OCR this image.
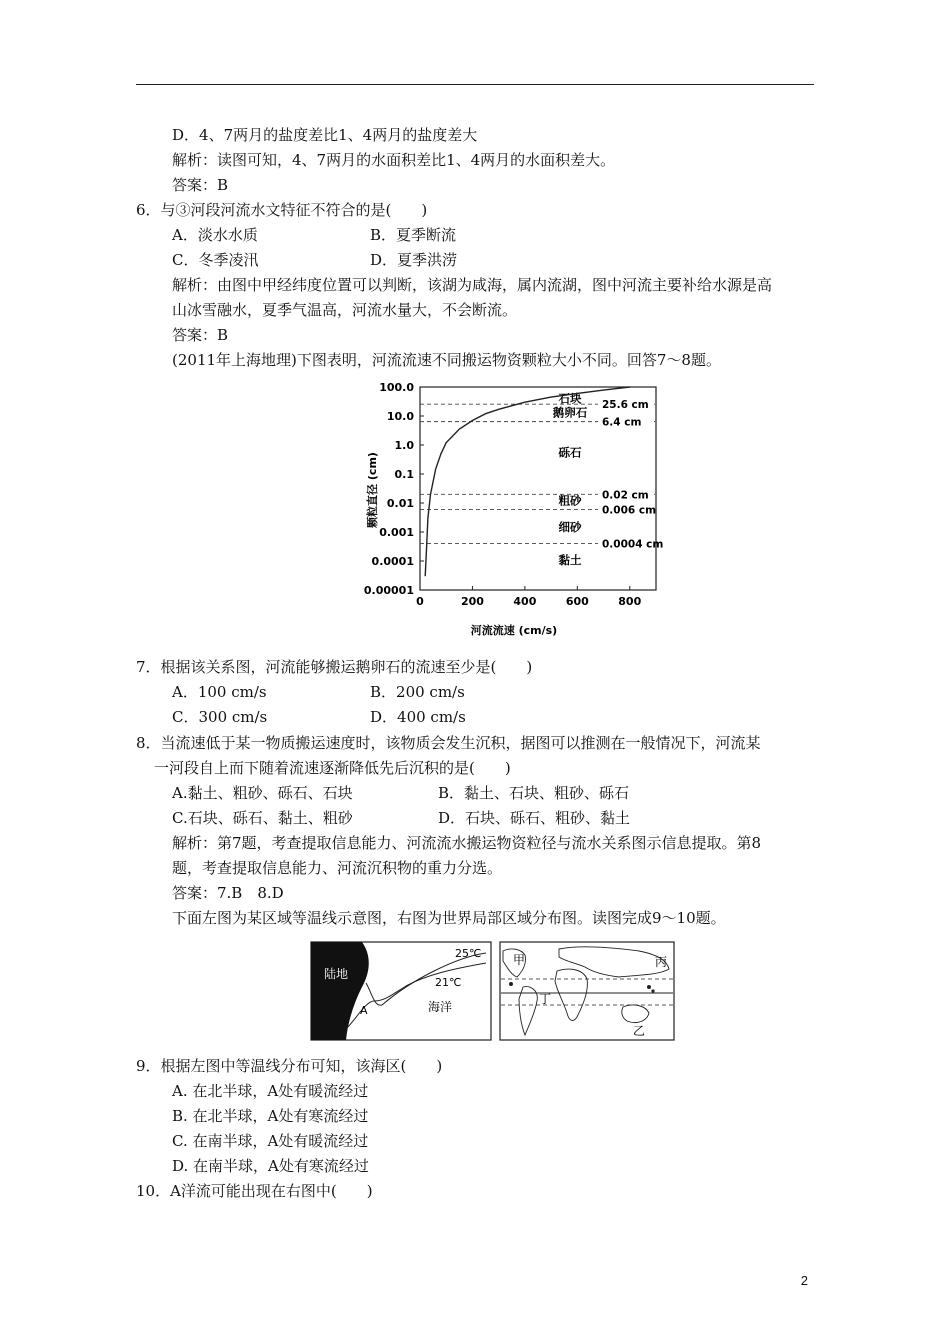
D．4、7两月的盐度差比1、4两月的盐度差大
解析：读图可知，4、7两月的水面积差比1、4两月的水面积差大。
答案：B
6．与③河段河流水文特征不符合的是(　　)
A．淡水水质	B．夏季断流
C．冬季凌汛	D．夏季洪涝
解析：由图中甲经纬度位置可以判断，该湖为咸海，属内流湖，图中河流主要补给水源是高
山冰雪融水，夏季气温高，河流水量大，不会断流。
答案：B
(2011年上海地理)下图表明，河流流速不同搬运物资颗粒大小不同。回答7～8题。
100.0
10.0
1.0
0.1
0.01
0.001
0.0001
0.00001
0	200	400	600	800
25.6 cm
6.4 cm
0.02 cm
0.006 cm
0.0004 cm
石块
鹅卵石
砾石
粗砂
细砂
黏土
颗粒直径 (cm)
河流流速 (cm/s)
7．根据该关系图，河流能够搬运鹅卵石的流速至少是(　　)
A．100 cm/s	B．200 cm/s
C．300 cm/s	D．400 cm/s
8．当流速低于某一物质搬运速度时，该物质会发生沉积，据图可以推测在一般情况下，河流某
一河段自上而下随着流速逐渐降低先后沉积的是(　　)
A.黏土、粗砂、砾石、石块	B．黏土、石块、粗砂、砾石
C.石块、砾石、黏土、粗砂	D．石块、砾石、粗砂、黏土
解析：第7题，考查提取信息能力、河流流水搬运物资粒径与流水关系图示信息提取。第8
题，考查提取信息能力、河流沉积物的重力分选。
答案：7.B　8.D
下面左图为某区域等温线示意图，右图为世界局部区域分布图。读图完成9～10题。
陆地
A	海洋
25℃
21℃
甲	丙
丁
乙
9．根据左图中等温线分布可知，该海区(　　)
A. 在北半球，A处有暖流经过
B. 在北半球，A处有寒流经过
C. 在南半球，A处有暖流经过
D. 在南半球，A处有寒流经过
10．A洋流可能出现在右图中(　　)
2
